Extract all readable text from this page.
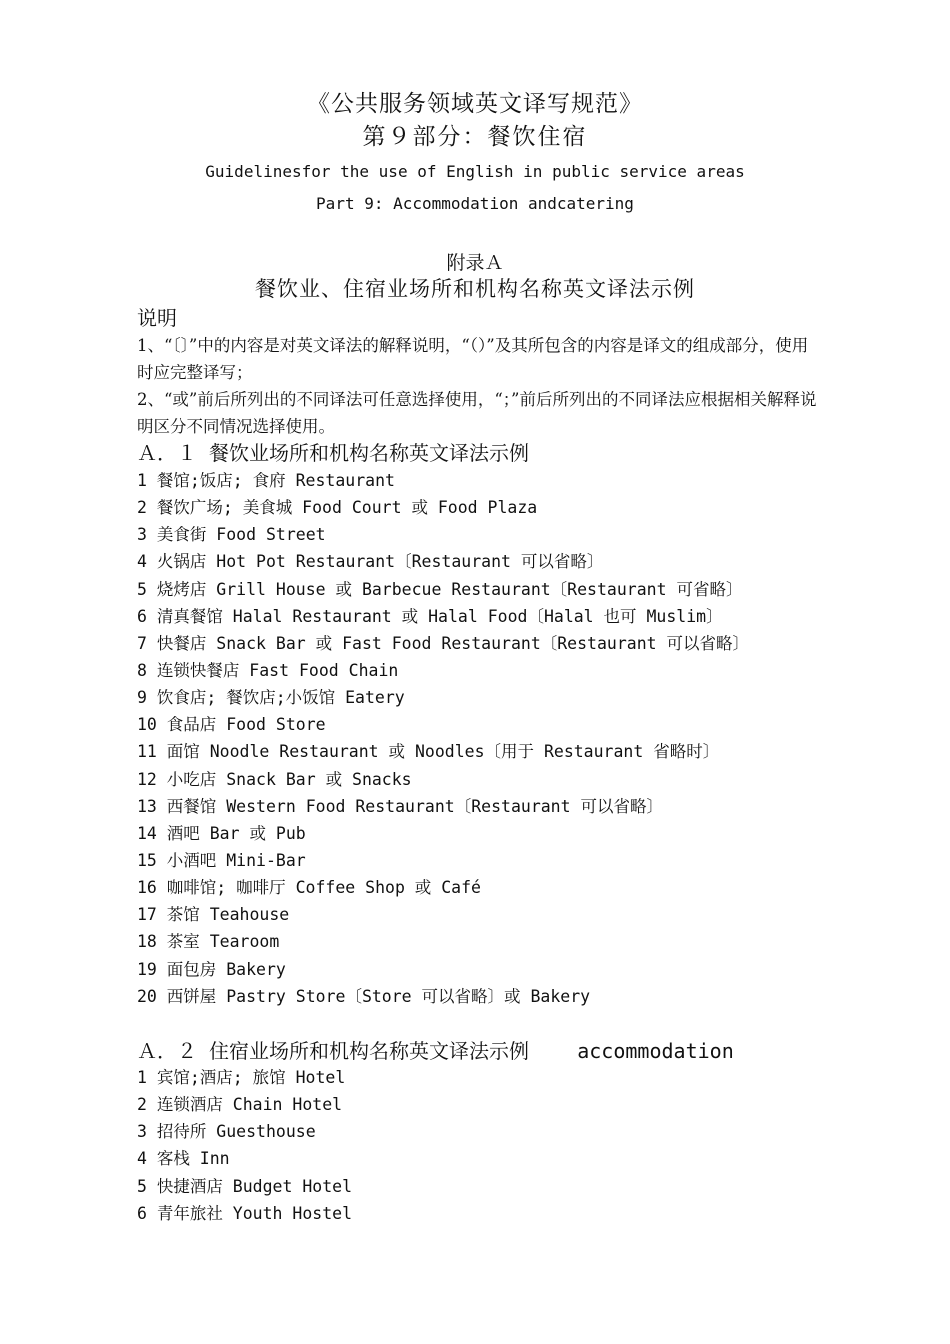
《公共服务领域英文译写规范》
第９部分：餐饮住宿
Guidelinesfor the use of English in public service areas
Part 9: Accommodation andcatering
附录Ａ
餐饮业、住宿业场所和机构名称英文译法示例
说明
1、“〔〕”中的内容是对英文译法的解释说明，“（）”及其所包含的内容是译文的组成部分，使用时应完整译写；
2、“或”前后所列出的不同译法可任意选择使用，“；”前后所列出的不同译法应根据相关解释说明区分不同情况选择使用。
Ａ．１ 餐饮业场所和机构名称英文译法示例
1 餐馆;饭店; 食府 Restaurant
2 餐饮广场; 美食城 Food Court 或 Food Plaza
3 美食街 Food Street
4 火锅店 Hot Pot Restaurant〔Restaurant 可以省略〕
5 烧烤店 Grill House 或 Barbecue Restaurant〔Restaurant 可省略〕
6 清真餐馆 Halal Restaurant 或 Halal Food〔Halal 也可 Muslim〕
7 快餐店 Snack Bar 或 Fast Food Restaurant〔Restaurant 可以省略〕
8 连锁快餐店 Fast Food Chain
9 饮食店; 餐饮店;小饭馆 Eatery
10 食品店 Food Store
11 面馆 Noodle Restaurant 或 Noodles〔用于 Restaurant 省略时〕
12 小吃店 Snack Bar 或 Snacks
13 西餐馆 Western Food Restaurant〔Restaurant 可以省略〕
14 酒吧 Bar 或 Pub
15 小酒吧 Mini-Bar
16 咖啡馆; 咖啡厅 Coffee Shop 或 Café
17 茶馆 Teahouse
18 茶室 Tearoom
19 面包房 Bakery
20 西饼屋 Pastry Store〔Store 可以省略〕或 Bakery
Ａ．２ 住宿业场所和机构名称英文译法示例    accommodation
1 宾馆;酒店; 旅馆 Hotel
2 连锁酒店 Chain Hotel
3 招待所 Guesthouse
4 客栈 Inn
5 快捷酒店 Budget Hotel
6 青年旅社 Youth Hostel
